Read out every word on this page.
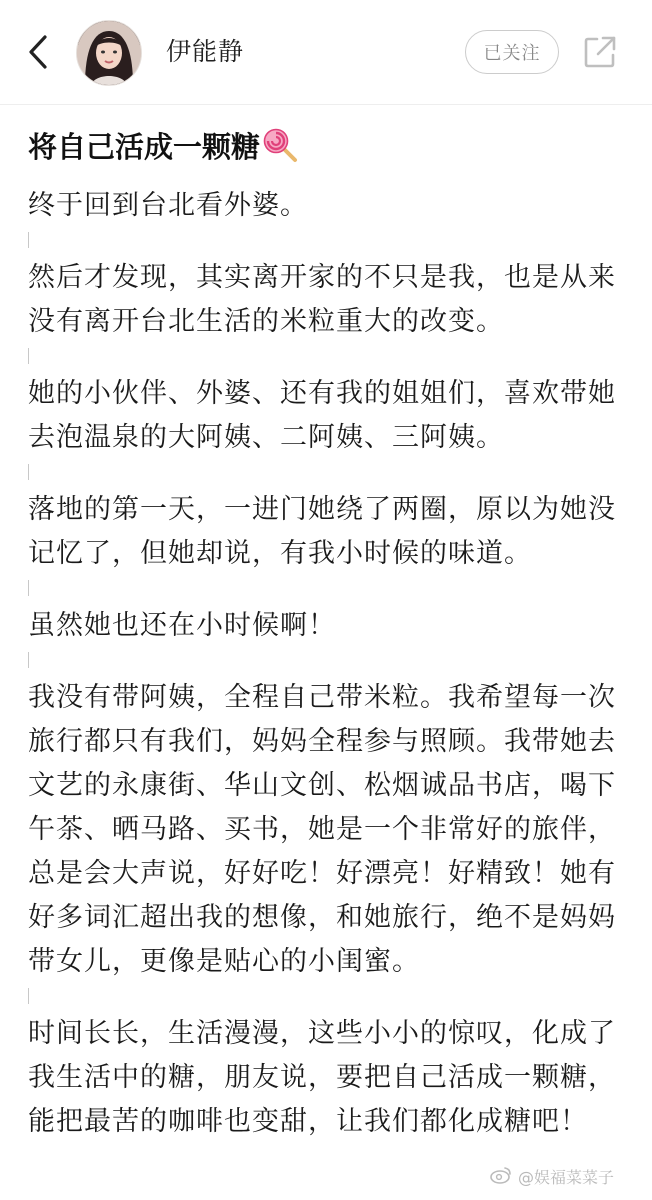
伊能静	已关注
将自己活成一颗糖

终于回到台北看外婆。

然后才发现，其实离开家的不只是我，也是从来没有离开台北生活的米粒重大的改变。

她的小伙伴、外婆、还有我的姐姐们，喜欢带她去泡温泉的大阿姨、二阿姨、三阿姨。

落地的第一天，一进门她绕了两圈，原以为她没记忆了，但她却说，有我小时候的味道。

虽然她也还在小时候啊！

我没有带阿姨，全程自己带米粒。我希望每一次旅行都只有我们，妈妈全程参与照顾。我带她去文艺的永康街、华山文创、松烟诚品书店，喝下午茶、晒马路、买书，她是一个非常好的旅伴，总是会大声说，好好吃！好漂亮！好精致！她有好多词汇超出我的想像，和她旅行，绝不是妈妈带女儿，更像是贴心的小闺蜜。

时间长长，生活漫漫，这些小小的惊叹，化成了我生活中的糖，朋友说，要把自己活成一颗糖，能把最苦的咖啡也变甜，让我们都化成糖吧！

@娱福菜菜子
